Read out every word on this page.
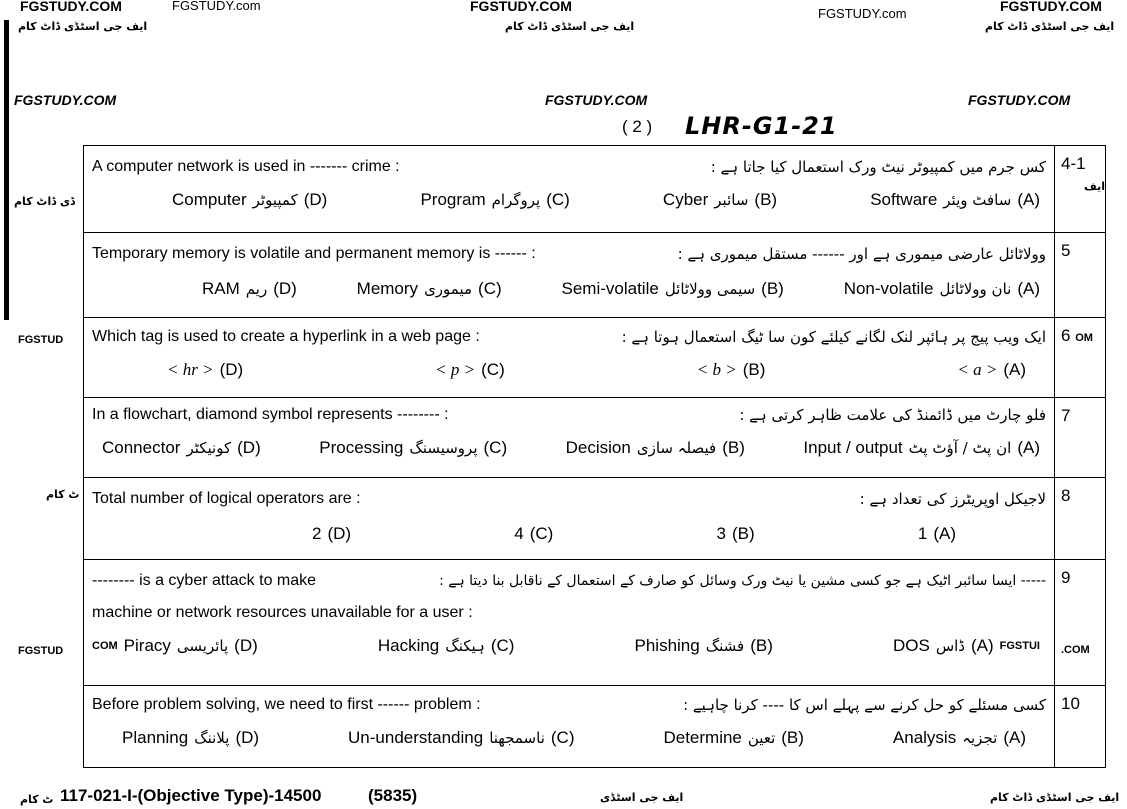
FGSTUDY.COM	FGSTUDY.com	FGSTUDY.COM	FGSTUDY.com	FGSTUDY.COM
ایف جی اسٹڈی ڈاٹ کام	ایف جی اسٹڈی ڈاٹ کام	ایف جی اسٹڈی ڈاٹ کام
FGSTUDY.COM	FGSTUDY.COM	FGSTUDY.COM
( 2 ) LHR-G1-21
ڈی ڈاٹ کام
FGSTUD
ٹ کام
FGSTUD
A computer network is used in ------- crime :	کس جرم میں کمپیوٹر نیٹ ورک استعمال کیا جاتا ہے :
Computer کمپیوٹر (D)	Program پروگرام (C)	Cyber سائبر (B)	Software سافٹ ویئر (A)

4-1
ایف

Temporary memory is volatile and permanent memory is ------ :	وولاٹائل عارضی میموری ہے اور ------ مستقل میموری ہے :
RAM ریم (D)	Memory میموری (C)	Semi-volatile سیمی وولاٹائل (B)	Non-volatile نان وولاٹائل (A)

5

Which tag is used to create a hyperlink in a web page :	ایک ویب پیج پر ہائپر لنک لگانے کیلئے کون سا ٹیگ استعمال ہوتا ہے :
< hr > (D)	< p > (C)	< b > (B)	< a > (A)
	6 OM

In a flowchart, diamond symbol represents -------- :	فلو چارٹ میں ڈائمنڈ کی علامت ظاہر کرتی ہے :
Connector کونیکٹر (D)	Processing پروسیسنگ (C)	Decision فیصلہ سازی (B)	Input / output ان پٹ / آؤٹ پٹ (A)

7

Total number of logical operators are :	لاجیکل اوپریٹرز کی تعداد ہے :
2 (D)	4 (C)	3 (B)	1 (A)

8

-------- is a cyber attack to make	----- ایسا سائبر اٹیک ہے جو کسی مشین یا نیٹ ورک وسائل کو صارف کے استعمال کے ناقابل بنا دیتا ہے :
machine or network resources unavailable for a user :
COM Piracy پائریسی (D)	Hacking ہیکنگ (C)	Phishing فشنگ (B)	DOS ڈاس (A) FGSTUI

9
.COM

Before problem solving, we need to first ------ problem :	کسی مسئلے کو حل کرنے سے پہلے اس کا ---- کرنا چاہیے :
Planning پلاننگ (D)	Un-understanding ناسمجھنا (C)	Determine تعین (B)	Analysis تجزیہ (A)

10
ٹ کام 117-021-I-(Objective Type)-14500	(5835)	ایف جی اسٹڈی	ایف جی اسٹڈی ڈاٹ کام
